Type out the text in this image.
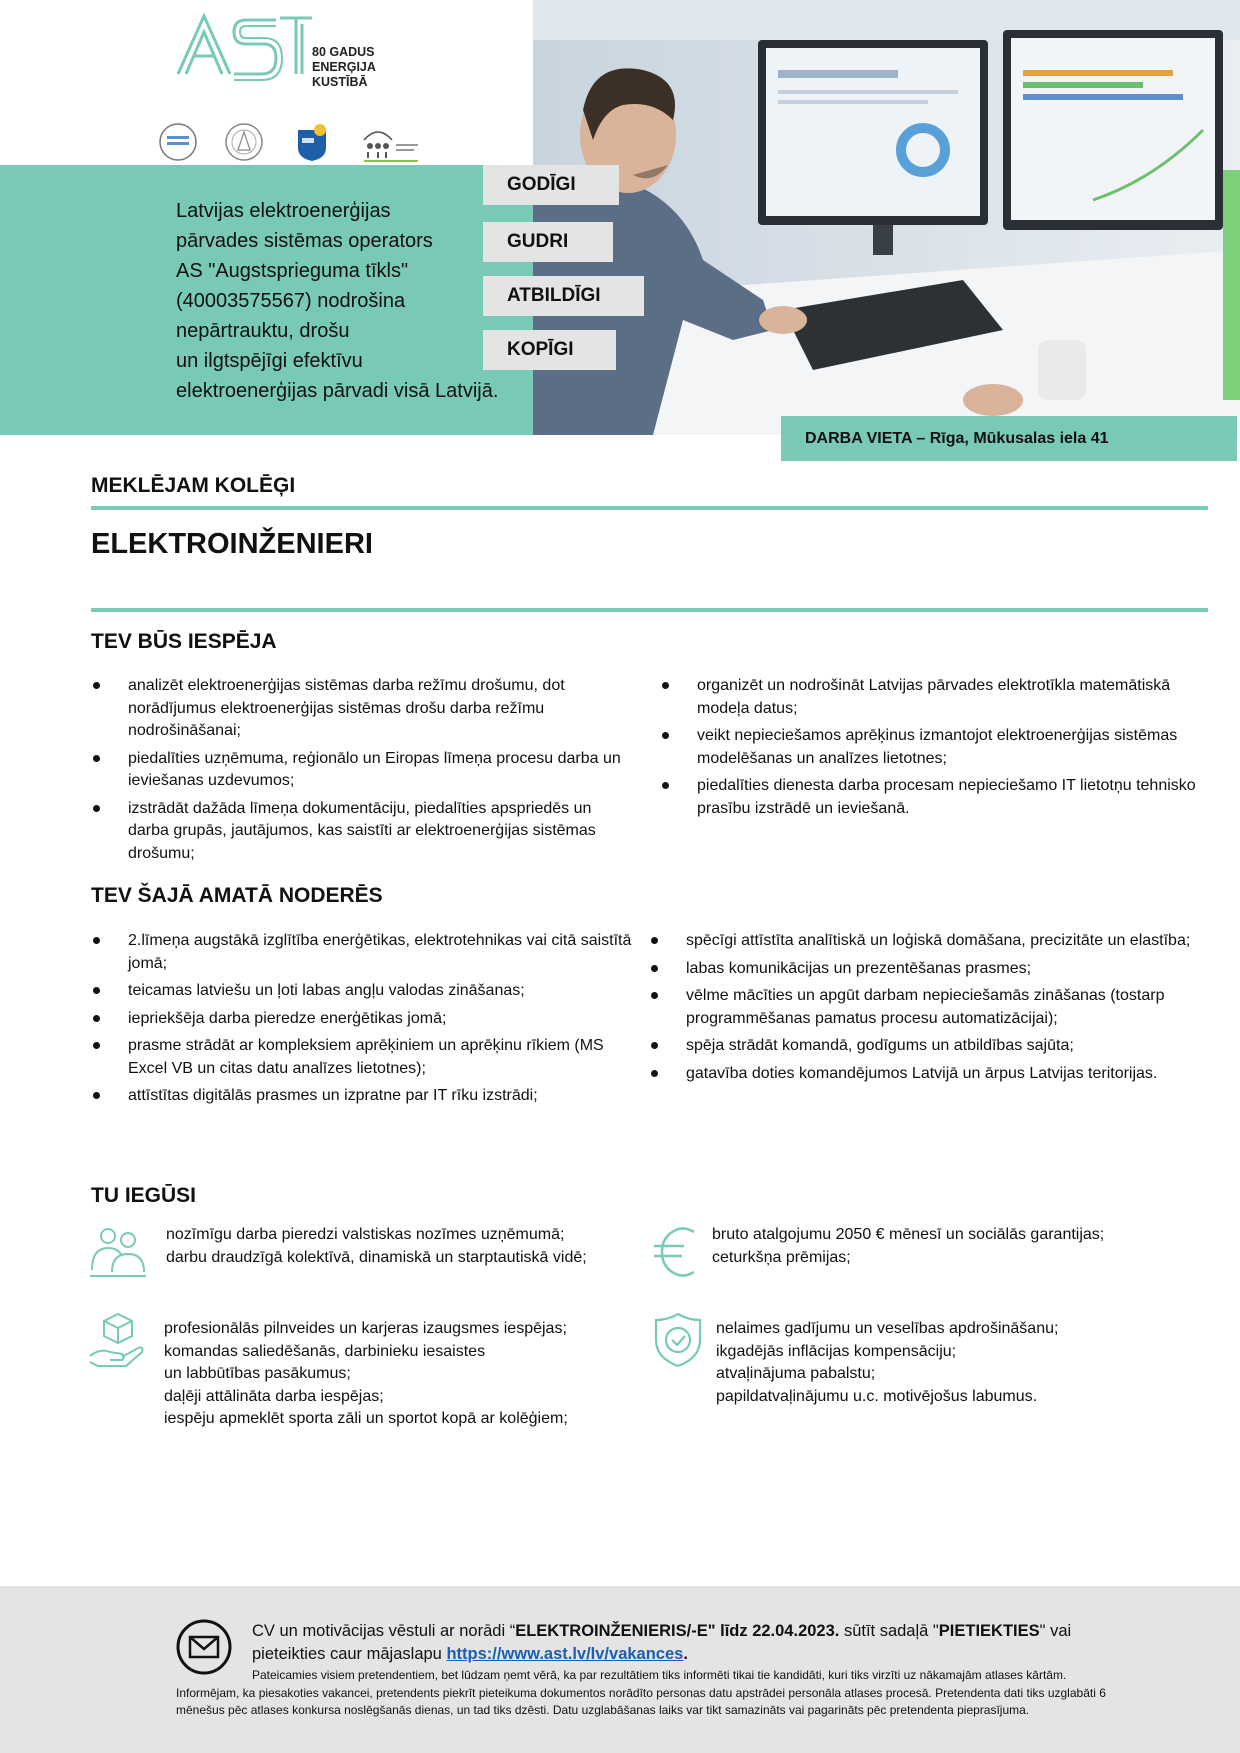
80 GADUS
ENERĢIJA
KUSTĪBĀ
Latvijas elektroenerģijas
pārvades sistēmas operators
AS "Augstsprieguma tīkls"
(40003575567) nodrošina
nepārtrauktu, drošu
un ilgtspējīgi efektīvu
elektroenerģijas pārvadi visā Latvijā.
GODĪGI
GUDRI
ATBILDĪGI
KOPĪGI
DARBA VIETA – Rīga, Mūkusalas iela 41
MEKLĒJAM KOLĒĢI
ELEKTROINŽENIERI
TEV BŪS IESPĒJA
analizēt elektroenerģijas sistēmas darba režīmu drošumu, dot norādījumus elektroenerģijas sistēmas drošu darba režīmu nodrošināšanai;
piedalīties uzņēmuma, reģionālo un Eiropas līmeņa procesu darba un ieviešanas uzdevumos;
izstrādāt dažāda līmeņa dokumentāciju, piedalīties apspriedēs un darba grupās, jautājumos, kas saistīti ar elektroenerģijas sistēmas drošumu;
organizēt un nodrošināt Latvijas pārvades elektrotīkla matemātiskā modeļa datus;
veikt nepieciešamos aprēķinus izmantojot elektroenerģijas sistēmas modelēšanas un analīzes lietotnes;
piedalīties dienesta darba procesam nepieciešamo IT lietotņu tehnisko prasību izstrādē un ieviešanā.
TEV ŠAJĀ AMATĀ NODERĒS
2.līmeņa augstākā izglītība enerģētikas, elektrotehnikas vai citā saistītā jomā;
teicamas latviešu un ļoti labas angļu valodas zināšanas;
iepriekšēja darba pieredze enerģētikas jomā;
prasme strādāt ar kompleksiem aprēķiniem un aprēķinu rīkiem (MS Excel VB un citas datu analīzes lietotnes);
attīstītas digitālās prasmes un izpratne par IT rīku izstrādi;
spēcīgi attīstīta analītiskā un loģiskā domāšana, precizitāte un elastība;
labas komunikācijas un prezentēšanas prasmes;
vēlme mācīties un apgūt darbam nepieciešamās zināšanas (tostarp programmēšanas pamatus procesu automatizācijai);
spēja strādāt komandā, godīgums un atbildības sajūta;
gatavība doties komandējumos Latvijā un ārpus Latvijas teritorijas.
TU IEGŪSI
nozīmīgu darba pieredzi valstiskas nozīmes uzņēmumā;
darbu draudzīgā kolektīvā, dinamiskā un starptautiskā vidē;
bruto atalgojumu 2050 € mēnesī un sociālās garantijas;
ceturkšņa prēmijas;
profesionālās pilnveides un karjeras izaugsmes iespējas;
komandas saliedēšanās, darbinieku iesaistes
un labbūtības pasākumus;
daļēji attālināta darba iespējas;
iespēju apmeklēt sporta zāli un sportot kopā ar kolēģiem;
nelaimes gadījumu un veselības apdrošināšanu;
ikgadējās inflācijas kompensāciju;
atvaļinājuma pabalstu;
papildatvaļinājumu u.c. motivējošus labumus.
CV un motivācijas vēstuli ar norādi “ELEKTROINŽENIERIS/-E" līdz 22.04.2023. sūtīt sadaļā "PIETIEKTIES" vai
pieteikties caur mājaslapu https://www.ast.lv/lv/vakances.
Pateicamies visiem pretendentiem, bet lūdzam ņemt vērā, ka par rezultātiem tiks informēti tikai tie kandidāti, kuri tiks virzīti uz nākamajām atlases kārtām. Informējam, ka piesakoties vakancei, pretendents piekrīt pieteikuma dokumentos norādīto personas datu apstrādei personāla atlases procesā. Pretendenta dati tiks uzglabāti 6 mēnešus pēc atlases konkursa noslēgšanās dienas, un tad tiks dzēsti. Datu uzglabāšanas laiks var tikt samazināts vai pagarināts pēc pretendenta pieprasījuma.
